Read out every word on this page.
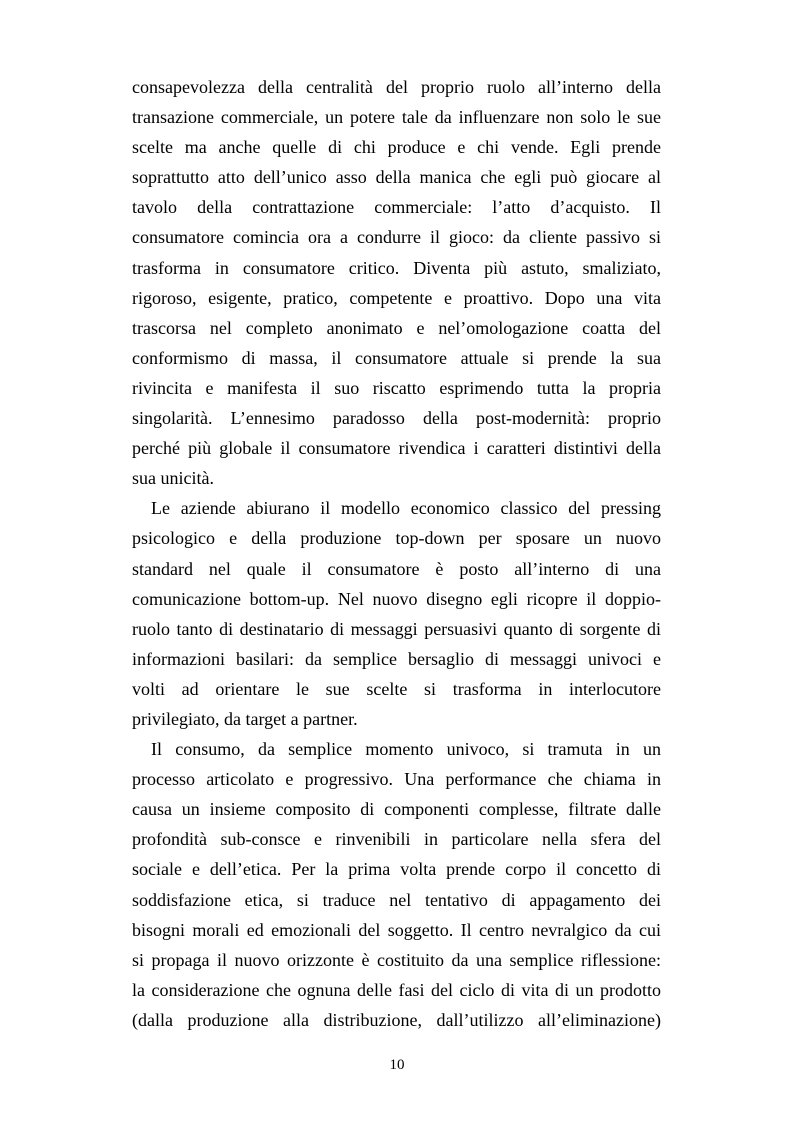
consapevolezza della centralità del proprio ruolo all’interno della
transazione commerciale, un potere tale da influenzare non solo le sue
scelte ma anche quelle di chi produce e chi vende. Egli prende
soprattutto atto dell’unico asso della manica che egli può giocare al
tavolo della contrattazione commerciale: l’atto d’acquisto. Il
consumatore comincia ora a condurre il gioco: da cliente passivo si
trasforma in consumatore critico. Diventa più astuto, smaliziato,
rigoroso, esigente, pratico, competente e proattivo. Dopo una vita
trascorsa nel completo anonimato e nel’omologazione coatta del
conformismo di massa, il consumatore attuale si prende la sua
rivincita e manifesta il suo riscatto esprimendo tutta la propria
singolarità. L’ennesimo paradosso della post-modernità: proprio
perché più globale il consumatore rivendica i caratteri distintivi della
sua unicità.
Le aziende abiurano il modello economico classico del pressing
psicologico e della produzione top-down per sposare un nuovo
standard nel quale il consumatore è posto all’interno di una
comunicazione bottom-up. Nel nuovo disegno egli ricopre il doppio-
ruolo tanto di destinatario di messaggi persuasivi quanto di sorgente di
informazioni basilari: da semplice bersaglio di messaggi univoci e
volti ad orientare le sue scelte si trasforma in interlocutore
privilegiato, da target a partner.
Il consumo, da semplice momento univoco, si tramuta in un
processo articolato e progressivo. Una performance che chiama in
causa un insieme composito di componenti complesse, filtrate dalle
profondità sub-consce e rinvenibili in particolare nella sfera del
sociale e dell’etica. Per la prima volta prende corpo il concetto di
soddisfazione etica, si traduce nel tentativo di appagamento dei
bisogni morali ed emozionali del soggetto. Il centro nevralgico da cui
si propaga il nuovo orizzonte è costituito da una semplice riflessione:
la considerazione che ognuna delle fasi del ciclo di vita di un prodotto
(dalla produzione alla distribuzione, dall’utilizzo all’eliminazione)
10
